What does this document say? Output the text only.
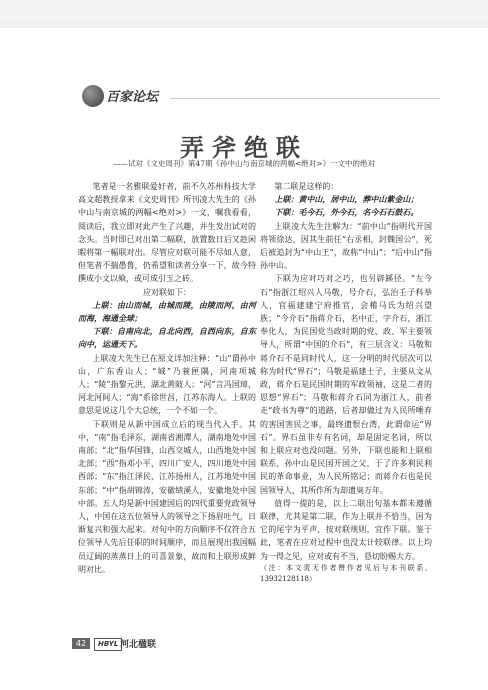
百家论坛
弄斧绝联
——试对《文史周刊》第47期《孙中山与南京城的两幅<绝对>》一文中的绝对

笔者是一名雅联爱好者，前不久苏州科技大学高文超教授拿来《文史周刊》所刊凌大先生的《孙中山与南京城的两幅<绝对>》一文，嘱我看看，阅读后，我立即对此产生了兴趣，并生发出试对的念头。当时即已对出第二幅联，放置数日后又趁闲暇将第一幅联对出。尽管应对联可能不尽如人意，但笔者不揣愚鲁，仍希望和读者分享一下，故今特撰成小文以飨，或可成引玉之砖。

应对联如下：

上联：由山而城，由城而陵，由陵而河，由河而海，海通全球；

下联：自南向北，自北向西，自西向东，自东向中，运通天下。

上联凌大先生已在原文详加注释：“山”谓孙中山，广东香山人；“城”乃蓑匣隅，河南项城人；“陵”指黎元洪，湖北黄陂人；“河”言冯国璋，河北河间人；“海”系徐世昌，江苏东海人。上联的意思是说这几个大总统，一个不如一个。

下联则是从新中国成立后的现当代入手。其中，“南”指毛泽东，湖南省湘潭人，湖南地处中国南部；“北”指华国锋，山西交城人，山西地处中国北部；“西”指邓小平，四川广安人，四川地处中国西部；“东”指江泽民，江苏扬州人，江苏地处中国东部；“中”指胡锦涛，安徽绩溪人，安徽地处中国中部。五人均是新中国建国后的四代重要党政领导人，中国在这五位领导人的领导之下扬眉吐气，日渐复兴和强大起来。对句中的方向顺序不仅符合五位领导人先后任职的时间顺序，而且展现出我国幅员辽阔的蒸蒸日上的可喜景象，故而和上联形成鲜明对比。

第二联是这样的：

上联：黄中山，居中山，葬中山紫金山；

下联：毛今石，外今石，名今石石鼓石。

上联凌大先生注解为：“前中山”指明代开国将领徐达，因其生前任“右丞相，封魏国公”，死后被追封为“中山王”，故称“中山”；“后中山”指孙中山。

下联为应对巧对之巧，也另辟蹊径。“左今石”指浙江绍兴人马敬，号介石，弘治壬子科举人，官福建建宁府推官，会稽马氏为绍兴望族；“今介石”指蒋介石，名中正，字介石，浙江奉化人，为民国党当政时期的党、政、军主要领导人，所谓“中国的介石”，有三层含义：马敬和蒋介石不是同时代人，这一分明的时代层次可以称为时代“界石”；马敬是福建士子，主要从文从政，蒋介石是民国时期的军政领袖，这是二者的思想“界石”；马敬和蒋介石同为浙江人，前者走“政书为尊”的道路，后者却做过为人民所唾弃的害国害民之事，最终遗恨台湾，此谓命运“界石”。界石虽非专有名词，却是固定名词，所以和上联应对也没问题。另外，下联也能和上联相联系，孙中山是民国开国之父，于了许多利民利民的革命事业，为人民所铭记；而蒋介石也是民国领导人，其所作所为却遗臭万年。

值得一提的是，以上二联出句基本都未遵循联律，尤其是第二联，作为上联并不恰当，因为它的尾字为平声，按对联规则，宜作下联。鉴于此，笔者在应对过程中也没太计较联律。以上均为一得之见，应对或有不当，恳切盼赐大方。

（注：本文责无作者赞作者见后与本刊联系，13932128118）

42	HBYL 河北楹联
